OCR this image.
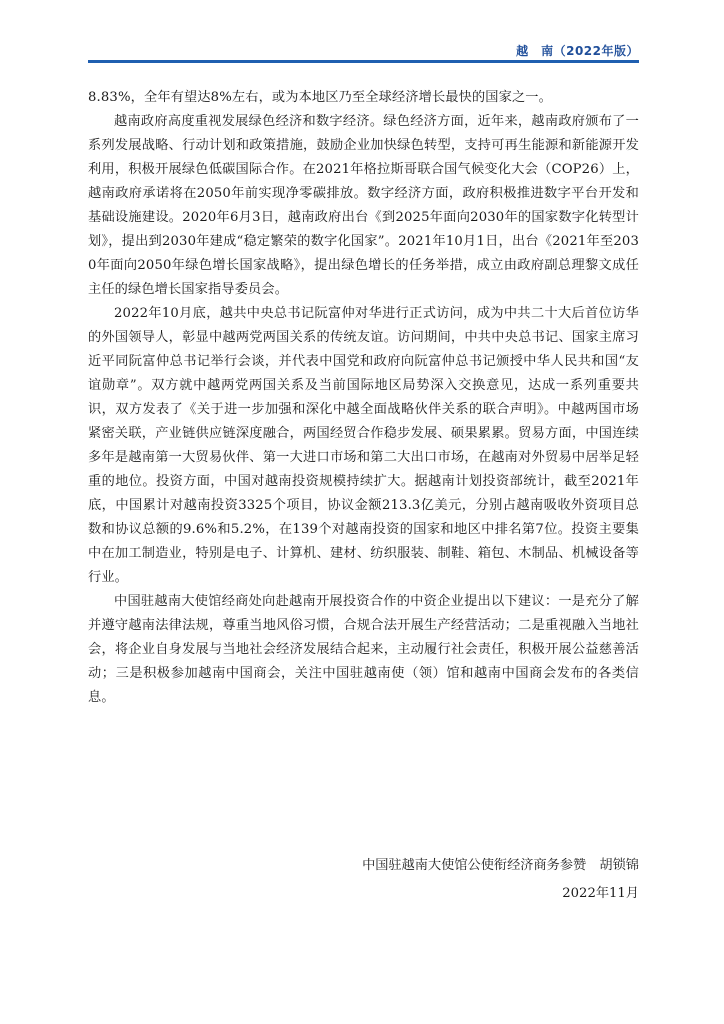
越　南（2022年版）

8.83%，全年有望达8%左右，或为本地区乃至全球经济增长最快的国家之一。

越南政府高度重视发展绿色经济和数字经济。绿色经济方面，近年来，越南政府颁布了一系列发展战略、行动计划和政策措施，鼓励企业加快绿色转型，支持可再生能源和新能源开发利用，积极开展绿色低碳国际合作。在2021年格拉斯哥联合国气候变化大会（COP26）上，越南政府承诺将在2050年前实现净零碳排放。数字经济方面，政府积极推进数字平台开发和基础设施建设。2020年6月3日，越南政府出台《到2025年面向2030年的国家数字化转型计划》，提出到2030年建成“稳定繁荣的数字化国家”。2021年10月1日，出台《2021年至2030年面向2050年绿色增长国家战略》，提出绿色增长的任务举措，成立由政府副总理黎文成任主任的绿色增长国家指导委员会。

2022年10月底，越共中央总书记阮富仲对华进行正式访问，成为中共二十大后首位访华的外国领导人，彰显中越两党两国关系的传统友谊。访问期间，中共中央总书记、国家主席习近平同阮富仲总书记举行会谈，并代表中国党和政府向阮富仲总书记颁授中华人民共和国“友谊勋章”。双方就中越两党两国关系及当前国际地区局势深入交换意见，达成一系列重要共识，双方发表了《关于进一步加强和深化中越全面战略伙伴关系的联合声明》。中越两国市场紧密关联，产业链供应链深度融合，两国经贸合作稳步发展、硕果累累。贸易方面，中国连续多年是越南第一大贸易伙伴、第一大进口市场和第二大出口市场，在越南对外贸易中居举足轻重的地位。投资方面，中国对越南投资规模持续扩大。据越南计划投资部统计，截至2021年底，中国累计对越南投资3325个项目，协议金额213.3亿美元，分别占越南吸收外资项目总数和协议总额的9.6%和5.2%，在139个对越南投资的国家和地区中排名第7位。投资主要集中在加工制造业，特别是电子、计算机、建材、纺织服装、制鞋、箱包、木制品、机械设备等行业。

中国驻越南大使馆经商处向赴越南开展投资合作的中资企业提出以下建议：一是充分了解并遵守越南法律法规，尊重当地风俗习惯，合规合法开展生产经营活动；二是重视融入当地社会，将企业自身发展与当地社会经济发展结合起来，主动履行社会责任，积极开展公益慈善活动；三是积极参加越南中国商会，关注中国驻越南使（领）馆和越南中国商会发布的各类信息。

中国驻越南大使馆公使衔经济商务参赞　胡锁锦
2022年11月
